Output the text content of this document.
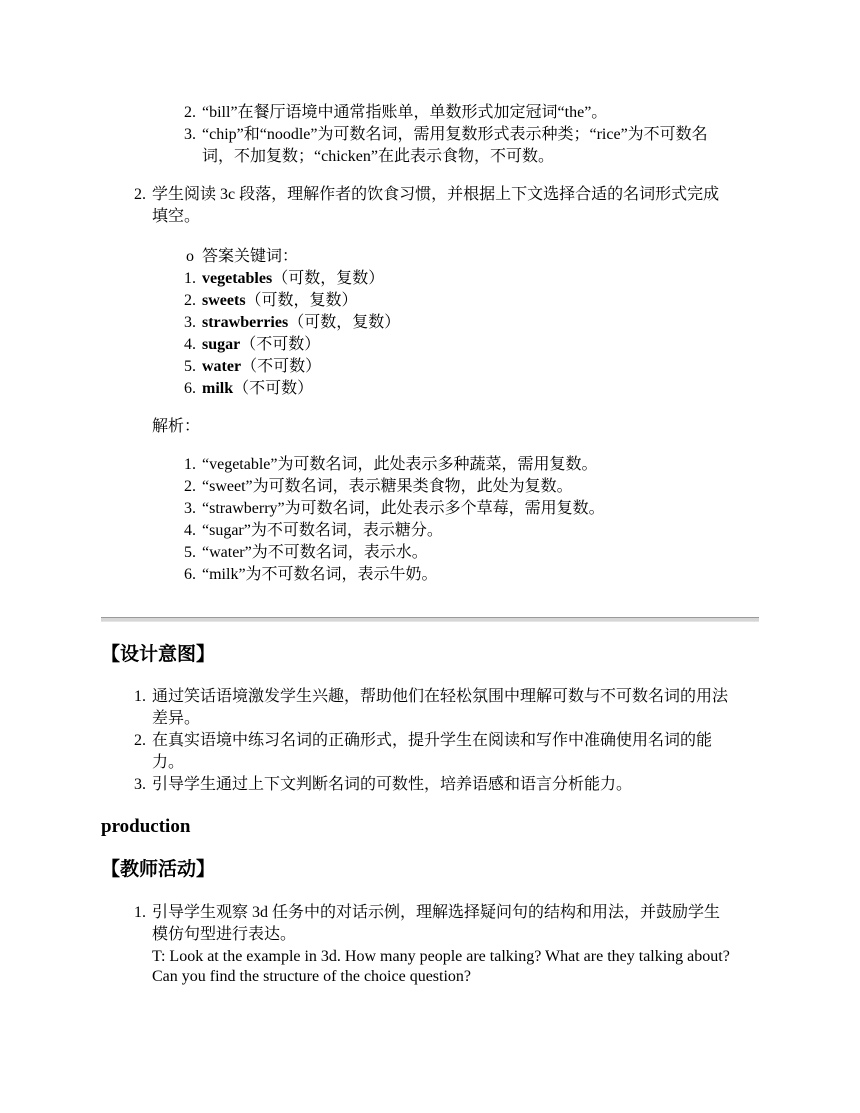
2. “bill”在餐厅语境中通常指账单，单数形式加定冠词“the”。
3. “chip”和“noodle”为可数名词，需用复数形式表示种类；“rice”为不可数名
词，不加复数；“chicken”在此表示食物，不可数。
2. 学生阅读 3c 段落，理解作者的饮食习惯，并根据上下文选择合适的名词形式完成
填空。
o 答案关键词：
1. vegetables（可数，复数）
2. sweets（可数，复数）
3. strawberries（可数，复数）
4. sugar（不可数）
5. water（不可数）
6. milk（不可数）
解析：
1. “vegetable”为可数名词，此处表示多种蔬菜，需用复数。
2. “sweet”为可数名词，表示糖果类食物，此处为复数。
3. “strawberry”为可数名词，此处表示多个草莓，需用复数。
4. “sugar”为不可数名词，表示糖分。
5. “water”为不可数名词，表示水。
6. “milk”为不可数名词，表示牛奶。
【设计意图】
1. 通过笑话语境激发学生兴趣，帮助他们在轻松氛围中理解可数与不可数名词的用法
差异。
2. 在真实语境中练习名词的正确形式，提升学生在阅读和写作中准确使用名词的能
力。
3. 引导学生通过上下文判断名词的可数性，培养语感和语言分析能力。
production
【教师活动】
1. 引导学生观察 3d 任务中的对话示例，理解选择疑问句的结构和用法，并鼓励学生
模仿句型进行表达。
T: Look at the example in 3d. How many people are talking? What are they talking about?
Can you find the structure of the choice question?
